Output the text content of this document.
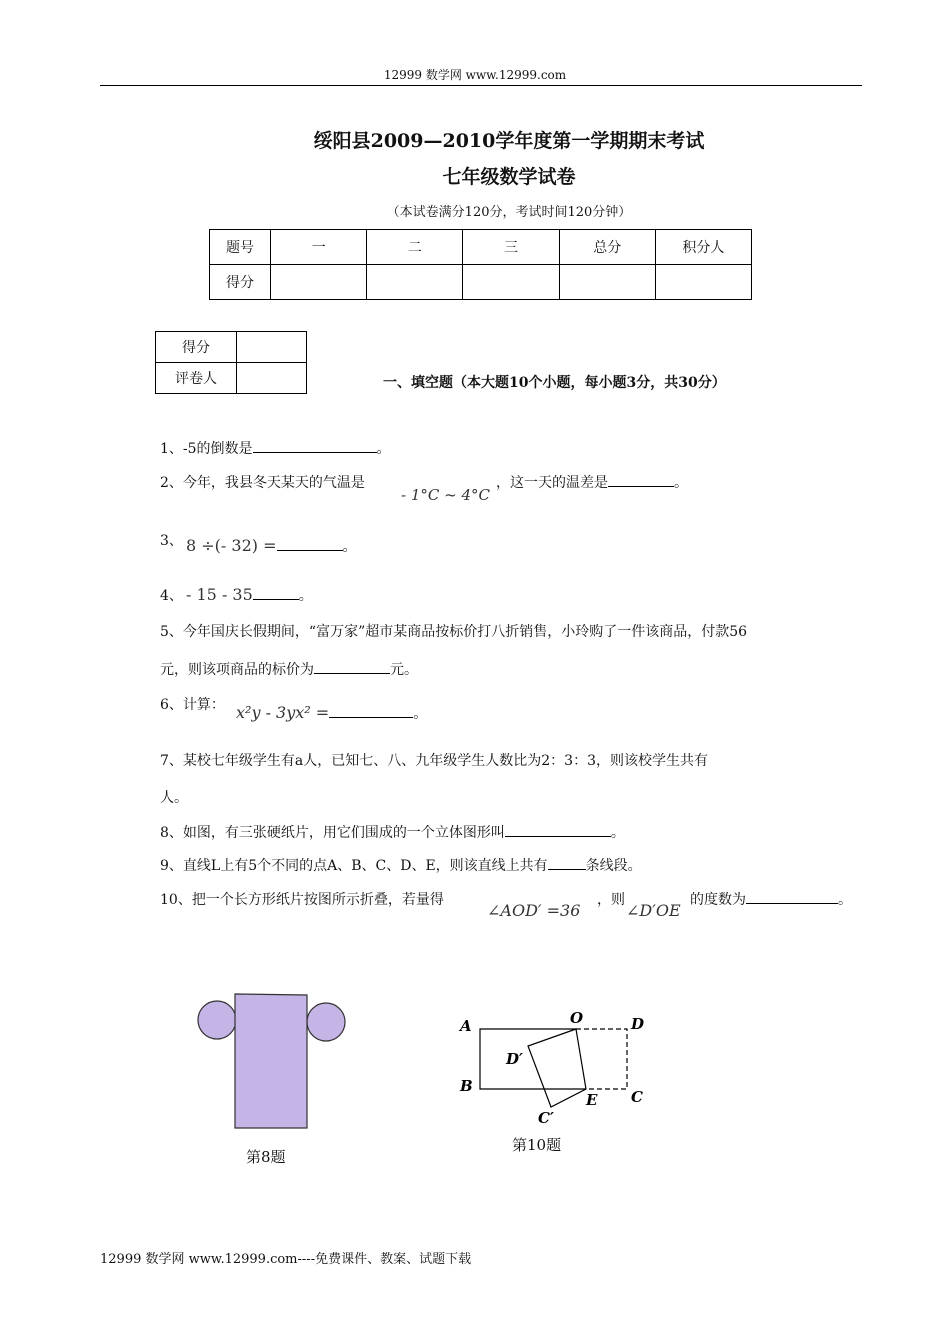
12999 数学网 www.12999.com
绥阳县2009—2010学年度第一学期期末考试
七年级数学试卷
（本试卷满分120分，考试时间120分钟）
题号	一	二	三	总分	积分人
得分					
得分	
评卷人		一、填空题（本大题10个小题，每小题3分，共30分）
1、-5的倒数是	。
2、今年，我县冬天某天的气温是
- 1°C ~ 4°C
，这一天的温差是	。
3、 8 ÷(- 32) =	。
4、 - 15 - 35	。
5、今年国庆长假期间，“富万家”超市某商品按标价打八折销售，小玲购了一件该商品，付款56
元，则该项商品的标价为	元。
6、计算： x²y - 3yx² =	。
7、某校七年级学生有a人，已知七、八、九年级学生人数比为2：3：3，则该校学生共有
人。
8、如图，有三张硬纸片，用它们围成的一个立体图形叫	。
9、直线L上有5个不同的点A、B、C、D、E，则该直线上共有	条线段。
10、把一个长方形纸片按图所示折叠，若量得
∠AOD′ =36
，则
∠D′OE
的度数为	。
第8题
A
B
O	D
C
E
D′
C′
第10题
12999 数学网 www.12999.com----免费课件、教案、试题下载
